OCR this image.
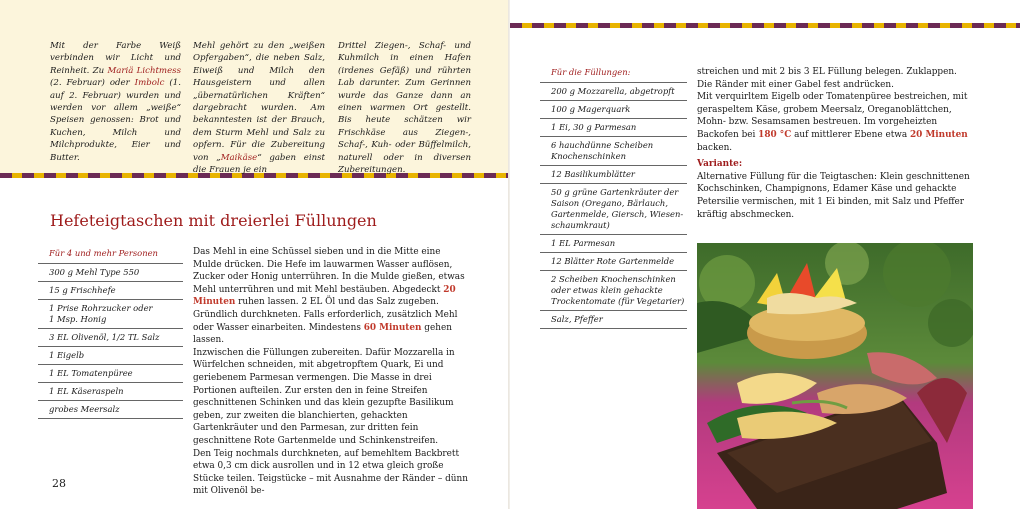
Mit der Farbe Weiß verbinden wir Licht und Reinheit. Zu Mariä Lichtmess (2. Februar) oder Imbolc (1. auf 2. Februar) wurden und werden vor allem „weiße“ Speisen genossen: Brot und Kuchen, Milch und Milchprodukte, Eier und Butter.
Mehl gehört zu den „weißen Opfergaben“, die neben Salz, Eiweiß und Milch den Hausgeistern und allen „übernatürlichen Kräften“ dargebracht wurden. Am bekanntesten ist der Brauch, dem Sturm Mehl und Salz zu opfern. Für die Zubereitung von „Maikäse“ gaben einst die Frauen je ein
Drittel Ziegen-, Schaf- und Kuhmilch in einen Hafen (irdenes Gefäß) und rührten Lab darunter. Zum Gerinnen wurde das Ganze dann an einen warmen Ort gestellt. Bis heute schätzen wir Frischkäse aus Ziegen-, Schaf-, Kuh- oder Büffelmilch, naturell oder in diversen Zubereitungen.
Hefeteigtaschen mit dreierlei Füllungen
Für 4 und mehr Personen
300 g Mehl Type 550
15 g Frischhefe
1 Prise Rohrzucker oder
1 Msp. Honig
3 EL Olivenöl, 1/2 TL Salz
1 Eigelb
1 EL Tomatenpüree
1 EL Käseraspeln
grobes Meersalz
Das Mehl in eine Schüssel sieben und in die Mitte eine Mulde drücken. Die Hefe im lauwarmen Wasser auflösen, Zucker oder Honig unterrühren. In die Mulde gießen, etwas Mehl unterrühren und mit Mehl bestäuben. Abgedeckt 20 Minuten ruhen lassen. 2 EL Öl und das Salz zugeben.
Gründlich durchkneten. Falls erforderlich, zusätzlich Mehl oder Wasser einarbeiten. Mindestens 60 Minuten gehen lassen.
Inzwischen die Füllungen zubereiten. Dafür Mozzarella in Würfelchen schneiden, mit abgetropftem Quark, Ei und geriebenem Parmesan vermengen. Die Masse in drei Portionen aufteilen. Zur ersten den in feine Streifen geschnittenen Schinken und das klein gezupfte Basilikum geben, zur zweiten die blanchierten, gehackten Gartenkräuter und den Parmesan, zur dritten fein geschnittene Rote Gartenmelde und Schinkenstreifen.
Den Teig nochmals durchkneten, auf bemehltem Backbrett etwa 0,3 cm dick ausrollen und in 12 etwa gleich große Stücke teilen. Teigstücke – mit Ausnahme der Ränder – dünn mit Olivenöl be-
28
Für die Füllungen:
200 g Mozzarella, abgetropft
100 g Magerquark
1 Ei, 30 g Parmesan
6 hauchdünne Scheiben
Knochenschinken
12 Basilikumblätter
50 g grüne Gartenkräuter der
Saison (Oregano, Bärlauch,
Gartenmelde, Giersch, Wiesen-
schaumkraut)
1 EL Parmesan
12 Blätter Rote Gartenmelde
2 Scheiben Knochenschinken
oder etwas klein gehackte
Trockentomate (für Vegetarier)
Salz, Pfeffer
streichen und mit 2 bis 3 EL Füllung belegen. Zuklappen. Die Ränder mit einer Gabel fest andrücken.
Mit verquirltem Eigelb oder Tomatenpüree bestreichen, mit geraspeltem Käse, grobem Meersalz, Oreganoblättchen, Mohn- bzw. Sesamsamen bestreuen. Im vorgeheizten Backofen bei 180 °C auf mittlerer Ebene etwa 20 Minuten backen.
Variante:
Alternative Füllung für die Teigtaschen: Klein geschnittenen Kochschinken, Champignons, Edamer Käse und gehackte Petersilie vermischen, mit 1 Ei binden, mit Salz und Pfeffer kräftig abschmecken.
